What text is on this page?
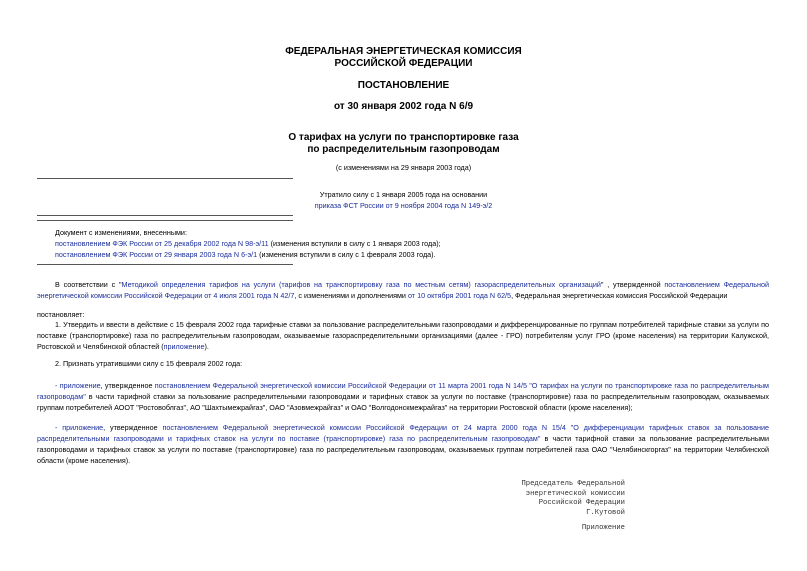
ФЕДЕРАЛЬНАЯ ЭНЕРГЕТИЧЕСКАЯ КОМИССИЯ
РОССИЙСКОЙ ФЕДЕРАЦИИ
ПОСТАНОВЛЕНИЕ
от 30 января 2002 года N 6/9
О тарифах на услуги по транспортировке газа
по распределительным газопроводам
(с изменениями на 29 января 2003 года)
Утратило силу с 1 января 2005 года на основании
приказа ФСТ России от 9 ноября 2004 года N 149-э/2
Документ с изменениями, внесенными:
постановлением ФЭК России от 25 декабря 2002 года N 98-э/11 (изменения вступили в силу с 1 января 2003 года);
постановлением ФЭК России от 29 января 2003 года N 6-э/1 (изменения вступили в силу с 1 февраля 2003 года).
В соответствии с "Методикой определения тарифов на услуги (тарифов на транспортировку газа по местным сетям) газораспределительных организаций" , утвержденной постановлением Федеральной энергетической комиссии Российской Федерации от 4 июля 2001 года N 42/7, с изменениями и дополнениями от 10 октября 2001 года N 62/5, Федеральная энергетическая комиссия Российской Федерации
постановляет:
1. Утвердить и ввести в действие с 15 февраля 2002 года тарифные ставки за пользование распределительными газопроводами и дифференцированные по группам потребителей тарифные ставки за услуги по поставке (транспортировке) газа по распределительным газопроводам, оказываемые газораспределительными организациями (далее - ГРО) потребителям услуг ГРО (кроме населения) на территории Калужской, Ростовской и Челябинской областей (приложение).
2. Признать утратившими силу с 15 февраля 2002 года:
- приложение, утвержденное постановлением Федеральной энергетической комиссии Российской Федерации от 11 марта 2001 года N 14/5 "О тарифах на услуги по транспортировке газа по распределительным газопроводам" в части тарифной ставки за пользование распределительными газопроводами и тарифных ставок за услуги по поставке (транспортировке) газа по распределительным газопроводам, оказываемых группам потребителей АООТ "Ростовоблгаз", АО "Шахтымежрайгаз", ОАО "Азовмежрайгаз" и ОАО "Волгодонскмежрайгаз" на территории Ростовской области (кроме населения);
- приложение, утвержденное постановлением Федеральной энергетической комиссии Российской Федерации от 24 марта 2000 года N 15/4 "О дифференциации тарифных ставок за пользование распределительными газопроводами и тарифных ставок на услуги по поставке (транспортировке) газа по распределительным газопроводам" в части тарифной ставки за пользование распределительными газопроводами и тарифных ставок за услуги по поставке (транспортировке) газа по распределительным газопроводам, оказываемых группам потребителей газа ОАО "Челябинскгоргаз" на территории Челябинской области (кроме населения).
Председатель Федеральной
энергетической комиссии
Российской Федерации
Г.Кутовой
Приложение
